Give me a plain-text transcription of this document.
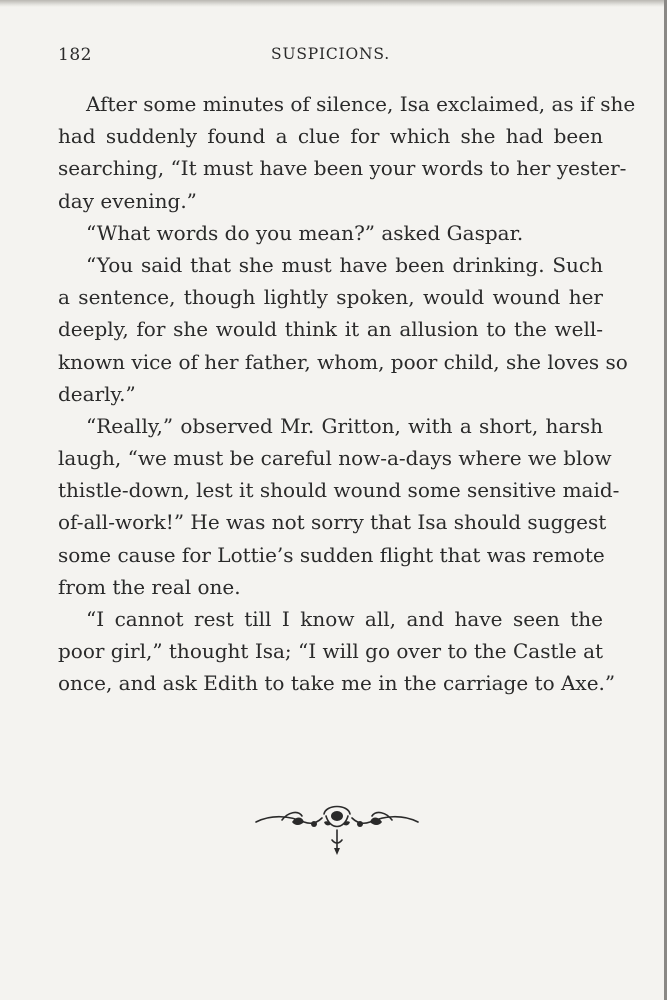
182	SUSPICIONS.
After some minutes of silence, Isa exclaimed, as if she
had suddenly found a clue for which she had been
searching, “It must have been your words to her yester-
day evening.”
“What words do you mean?” asked Gaspar.
“You said that she must have been drinking. Such
a sentence, though lightly spoken, would wound her
deeply, for she would think it an allusion to the well-
known vice of her father, whom, poor child, she loves so
dearly.”
“Really,” observed Mr. Gritton, with a short, harsh
laugh, “we must be careful now-a-days where we blow
thistle-down, lest it should wound some sensitive maid-
of-all-work!” He was not sorry that Isa should suggest
some cause for Lottie’s sudden flight that was remote
from the real one.
“I cannot rest till I know all, and have seen the
poor girl,” thought Isa; “I will go over to the Castle at
once, and ask Edith to take me in the carriage to Axe.”
